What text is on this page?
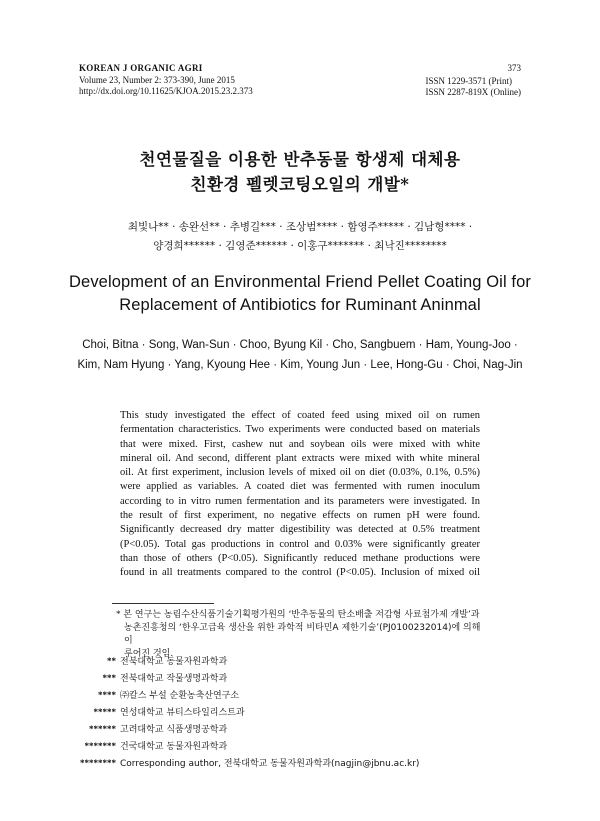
KOREAN J ORGANIC AGRI
Volume 23, Number 2: 373-390, June 2015
http://dx.doi.org/10.11625/KJOA.2015.23.2.373
373
ISSN 1229-3571 (Print)
ISSN 2287-819X (Online)
천연물질을 이용한 반추동물 항생제 대체용
친환경 펠렛코팅오일의 개발*
최빛나** · 송완선** · 추병길*** · 조상범**** · 함영주***** · 김남형**** ·
양경희****** · 김영준****** · 이홍구******* · 최낙진********
Development of an Environmental Friend Pellet Coating Oil for
Replacement of Antibiotics for Ruminant Aninmal
Choi, Bitna · Song, Wan-Sun · Choo, Byung Kil · Cho, Sangbuem · Ham, Young-Joo ·
Kim, Nam Hyung · Yang, Kyoung Hee · Kim, Young Jun · Lee, Hong-Gu · Choi, Nag-Jin
This study investigated the effect of coated feed using mixed oil on rumen
fermentation characteristics. Two experiments were conducted based on materials
that were mixed. First, cashew nut and soybean oils were mixed with white
mineral oil. And second, different plant extracts were mixed with white mineral
oil. At first experiment, inclusion levels of mixed oil on diet (0.03%, 0.1%, 0.5%)
were applied as variables. A coated diet was fermented with rumen inoculum
according to in vitro rumen fermentation and its parameters were investigated. In
the result of first experiment, no negative effects on rumen pH were found.
Significantly decreased dry matter digestibility was detected at 0.5% treatment
(P<0.05). Total gas productions in control and 0.03% were significantly greater
than those of others (P<0.05). Significantly reduced methane productions were
found in all treatments compared to the control (P<0.05). Inclusion of mixed oil
* 본 연구는 농림수산식품기술기획평가원의 ‘반추동물의 탄소배출 저감형 사료첨가제 개발’과
농촌진흥청의 ‘한우고급육 생산을 위한 과학적 비타민A 제한기술’(PJ0100232014)에 의해 이
루어진 것임.
** 전북대학교 동물자원과학과
*** 전북대학교 작물생명과학과
**** ㈜칼스 부설 순환농축산연구소
***** 연성대학교 뷰티스타일리스트과
****** 고려대학교 식품생명공학과
******* 건국대학교 동물자원과학과
******** Corresponding author, 전북대학교 동물자원과학과(nagjin@jbnu.ac.kr)
